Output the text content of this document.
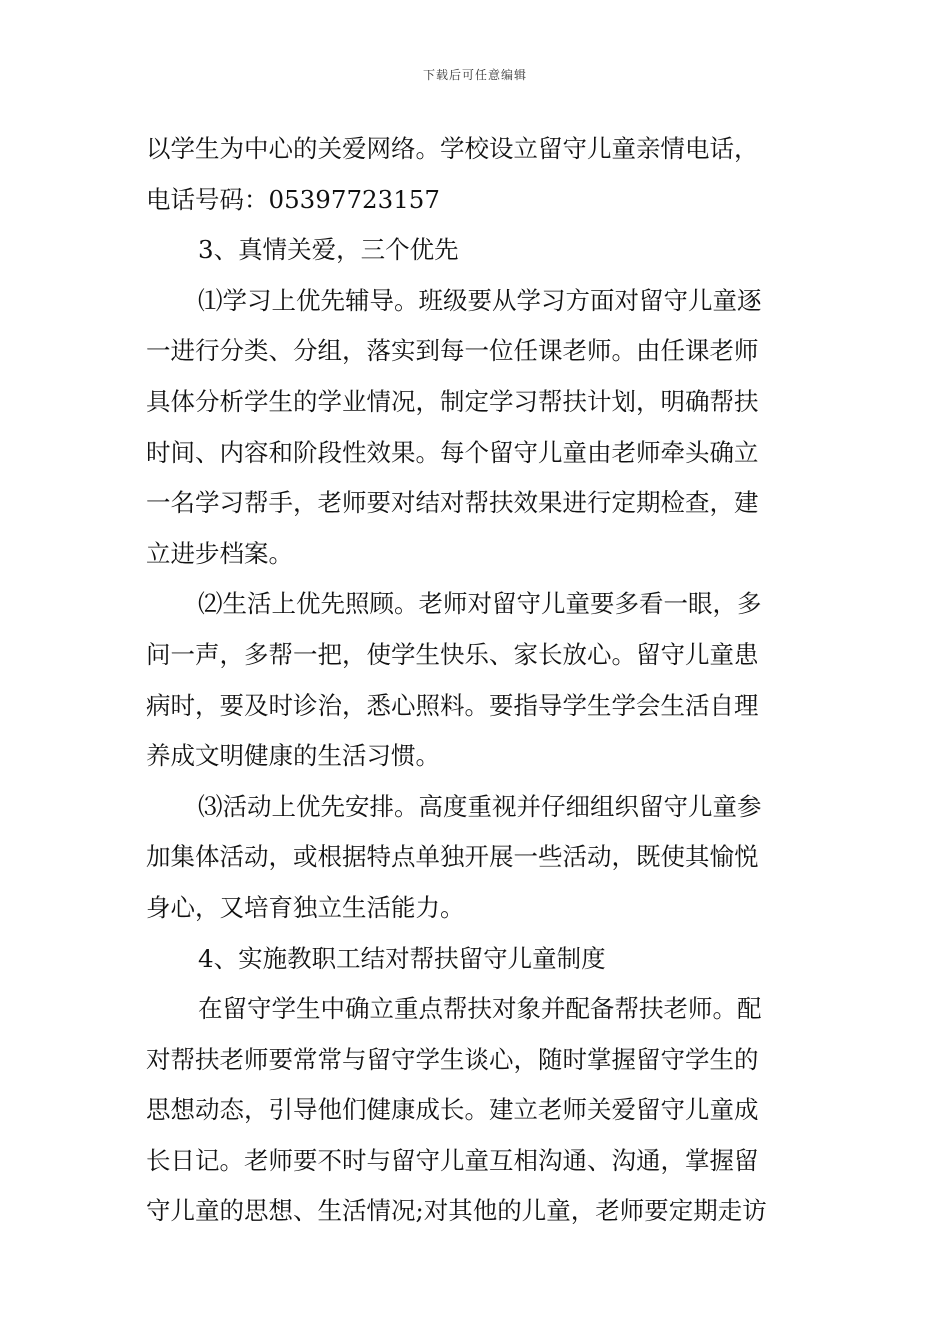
下载后可任意编辑
以学生为中心的关爱网络。学校设立留守儿童亲情电话，
电话号码：05397723157
3、真情关爱，三个优先
⑴学习上优先辅导。班级要从学习方面对留守儿童逐
一进行分类、分组，落实到每一位任课老师。由任课老师
具体分析学生的学业情况，制定学习帮扶计划，明确帮扶
时间、内容和阶段性效果。每个留守儿童由老师牵头确立
一名学习帮手，老师要对结对帮扶效果进行定期检查，建
立进步档案。
⑵生活上优先照顾。老师对留守儿童要多看一眼，多
问一声，多帮一把，使学生快乐、家长放心。留守儿童患
病时，要及时诊治，悉心照料。要指导学生学会生活自理
养成文明健康的生活习惯。
⑶活动上优先安排。高度重视并仔细组织留守儿童参
加集体活动，或根据特点单独开展一些活动，既使其愉悦
身心，又培育独立生活能力。
4、实施教职工结对帮扶留守儿童制度
在留守学生中确立重点帮扶对象并配备帮扶老师。配
对帮扶老师要常常与留守学生谈心，随时掌握留守学生的
思想动态，引导他们健康成长。建立老师关爱留守儿童成
长日记。老师要不时与留守儿童互相沟通、沟通，掌握留
守儿童的思想、生活情况;对其他的儿童，老师要定期走访
